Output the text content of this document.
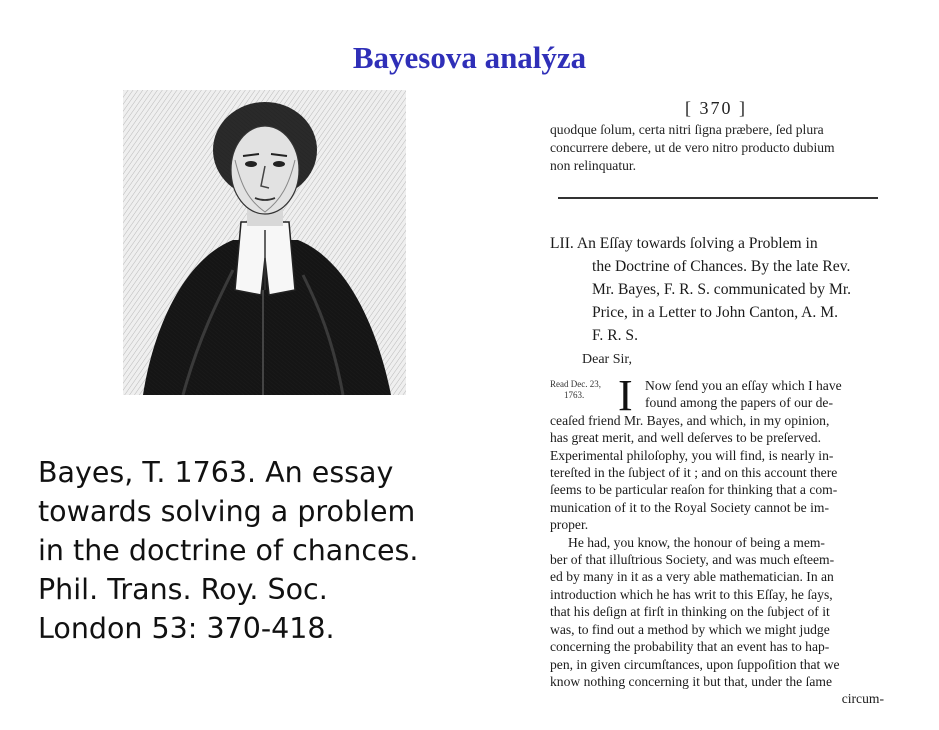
Bayesova analýza
Bayes, T. 1763. An essay
towards solving a problem
in the doctrine of chances.
Phil. Trans. Roy. Soc.
London 53: 370-418.
[ 370 ]
quodque ſolum, certa nitri ſigna præbere, ſed plura
concurrere debere, ut de vero nitro producto dubium
non relinquatur.
LII. An Eſſay towards ſolving a Problem in
the Doctrine of Chances. By the late Rev.
Mr. Bayes, F. R. S. communicated by Mr.
Price, in a Letter to John Canton, A. M.
F. R. S.
Dear Sir,
Read Dec. 23,
1763. I Now ſend you an eſſay which I have
found among the papers of our de-
ceaſed friend Mr. Bayes, and which, in my opinion,
has great merit, and well deſerves to be preſerved.
Experimental philoſophy, you will find, is nearly in-
tereſted in the ſubject of it ; and on this account there
ſeems to be particular reaſon for thinking that a com-
munication of it to the Royal Society cannot be im-
proper.
He had, you know, the honour of being a mem-
ber of that illuſtrious Society, and was much eſteem-
ed by many in it as a very able mathematician. In an
introduction which he has writ to this Eſſay, he ſays,
that his deſign at firſt in thinking on the ſubject of it
was, to find out a method by which we might judge
concerning the probability that an event has to hap-
pen, in given circumſtances, upon ſuppoſition that we
know nothing concerning it but that, under the ſame
circum-
